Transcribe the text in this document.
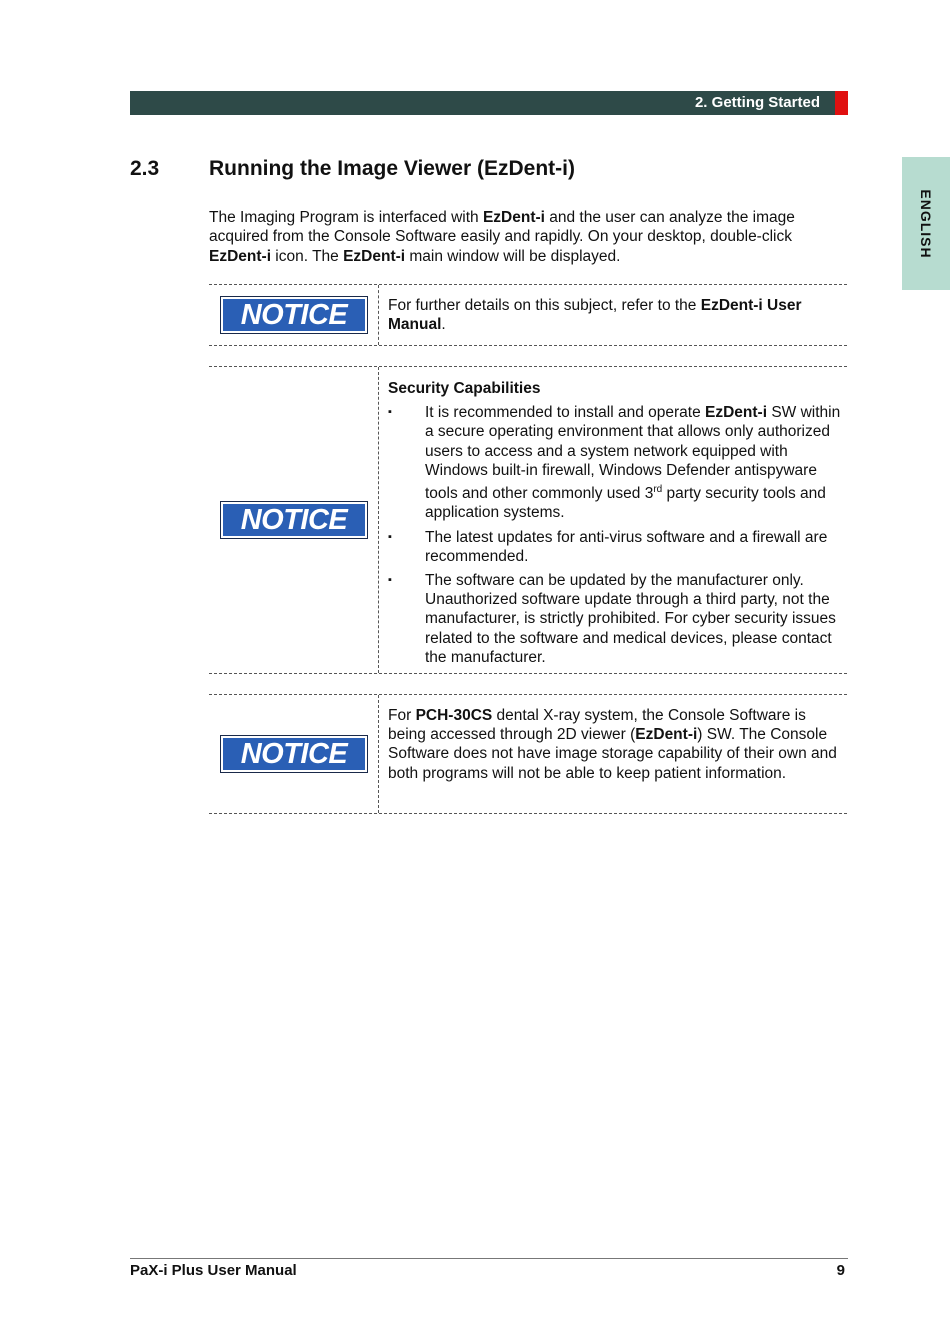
2. Getting Started
ENGLISH
2.3 Running the Image Viewer (EzDent-i)
The Imaging Program is interfaced with EzDent-i and the user can analyze the image acquired from the Console Software easily and rapidly. On your desktop, double-click EzDent-i icon. The EzDent-i main window will be displayed.
NOTICE	For further details on this subject, refer to the EzDent-i User Manual.
NOTICE
Security Capabilities
▪ It is recommended to install and operate EzDent-i SW within a secure operating environment that allows only authorized users to access and a system network equipped with Windows built-in firewall, Windows Defender antispyware tools and other commonly used 3rd party security tools and application systems.
▪ The latest updates for anti-virus software and a firewall are recommended.
▪ The software can be updated by the manufacturer only. Unauthorized software update through a third party, not the manufacturer, is strictly prohibited. For cyber security issues related to the software and medical devices, please contact the manufacturer.
NOTICE
For PCH-30CS dental X-ray system, the Console Software is being accessed through 2D viewer (EzDent-i) SW. The Console Software does not have image storage capability of their own and both programs will not be able to keep patient information.
PaX-i Plus User Manual	9
